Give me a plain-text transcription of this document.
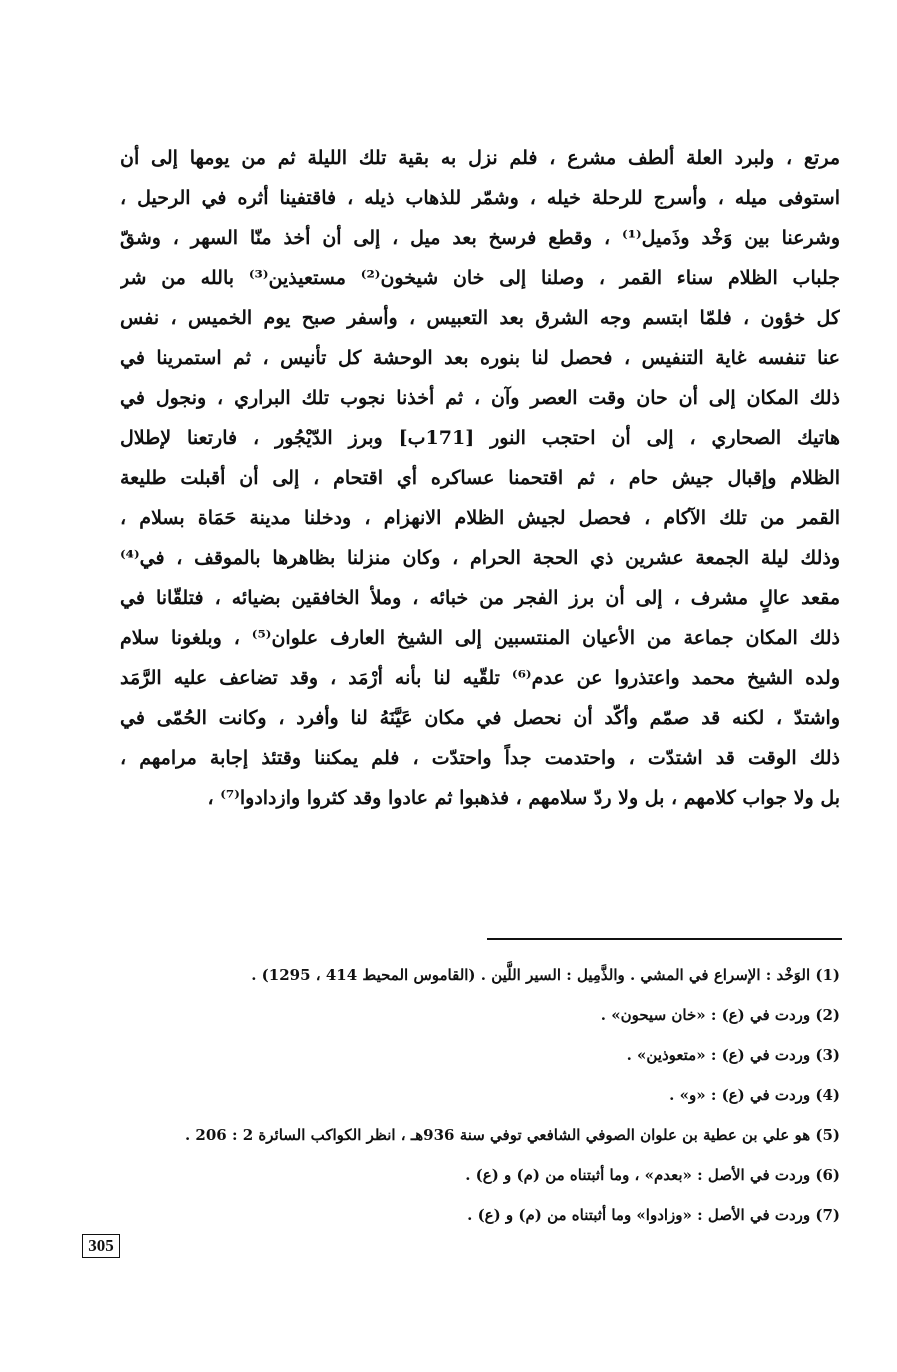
مرتع ، ولبرد العلة ألطف مشرع ، فلم نزل به بقية تلك الليلة ثم من يومها إلى أن
استوفى ميله ، وأسرج للرحلة خيله ، وشمّر للذهاب ذيله ، فاقتفينا أثره في الرحيل ،
وشرعنا بين وَخْد وذَميل⁽¹⁾ ، وقطع فرسخ بعد ميل ، إلى أن أخذ منّا السهر ، وشقّ
جلباب الظلام سناء القمر ، وصلنا إلى خان شيخون⁽²⁾ مستعيذين⁽³⁾ بالله من شر
كل خؤون ، فلمّا ابتسم وجه الشرق بعد التعبيس ، وأسفر صبح يوم الخميس ، نفس
عنا تنفسه غاية التنفيس ، فحصل لنا بنوره بعد الوحشة كل تأنيس ، ثم استمرينا في
ذلك المكان إلى أن حان وقت العصر وآن ، ثم أخذنا نجوب تلك البراري ، ونجول في
هاتيك الصحاري ، إلى أن احتجب النور [171ب] وبرز الدّيْجُور ، فارتعنا لإطلال
الظلام وإقبال جيش حام ، ثم اقتحمنا عساكره أي اقتحام ، إلى أن أقبلت طليعة
القمر من تلك الآكام ، فحصل لجيش الظلام الانهزام ، ودخلنا مدينة حَمَاة بسلام ،
وذلك ليلة الجمعة عشرين ذي الحجة الحرام ، وكان منزلنا بظاهرها بالموقف ، في⁽⁴⁾
مقعد عالٍ مشرف ، إلى أن برز الفجر من خبائه ، وملأ الخافقين بضيائه ، فتلقّانا في
ذلك المكان جماعة من الأعيان المنتسبين إلى الشيخ العارف علوان⁽⁵⁾ ، وبلغونا سلام
ولده الشيخ محمد واعتذروا عن عدم⁽⁶⁾ تلقّيه لنا بأنه أرْمَد ، وقد تضاعف عليه الرَّمَد
واشتدّ ، لكنه قد صمّم وأكّد أن نحصل في مكان عَيَّنَهُ لنا وأفرد ، وكانت الحُمّى في
ذلك الوقت قد اشتدّت ، واحتدمت جداً واحتدّت ، فلم يمكننا وقتئذ إجابة مرامهم ،
بل ولا جواب كلامهم ، بل ولا ردّ سلامهم ، فذهبوا ثم عادوا وقد كثروا وازدادوا⁽⁷⁾ ،
(1) الوَخْد : الإسراع في المشي . والذَّمِيل : السير اللَّين . (القاموس المحيط 414 ، 1295) .
(2) وردت في (ع) : «خان سيحون» .
(3) وردت في (ع) : «متعوذين» .
(4) وردت في (ع) : «و» .
(5) هو علي بن عطية بن علوان الصوفي الشافعي توفي سنة 936هـ ، انظر الكواكب السائرة 2 : 206 .
(6) وردت في الأصل : «بعدم» ، وما أثبتناه من (م) و (ع) .
(7) وردت في الأصل : «وزادوا» وما أثبتناه من (م) و (ع) .
305
